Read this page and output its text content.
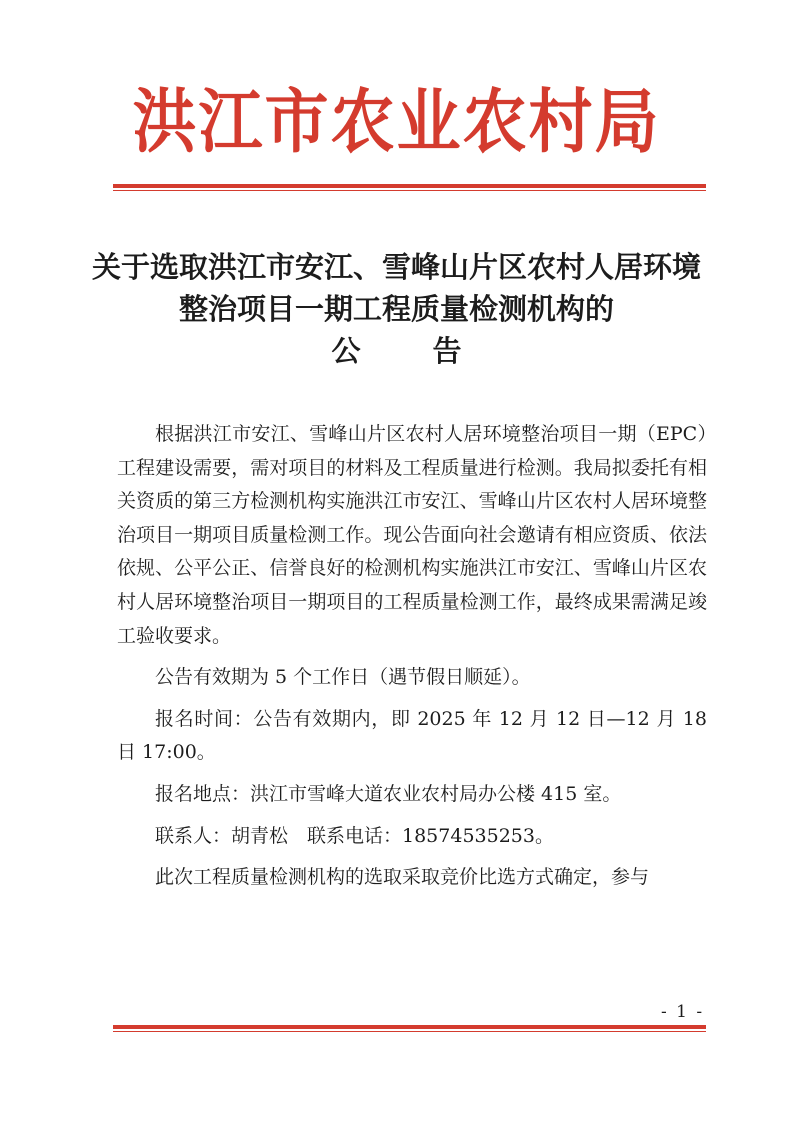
洪江市农业农村局
关于选取洪江市安江、雪峰山片区农村人居环境
整治项目一期工程质量检测机构的
公告

根据洪江市安江、雪峰山片区农村人居环境整治项目一期（EPC）工程建设需要，需对项目的材料及工程质量进行检测。我局拟委托有相关资质的第三方检测机构实施洪江市安江、雪峰山片区农村人居环境整治项目一期项目质量检测工作。现公告面向社会邀请有相应资质、依法依规、公平公正、信誉良好的检测机构实施洪江市安江、雪峰山片区农村人居环境整治项目一期项目的工程质量检测工作，最终成果需满足竣工验收要求。

公告有效期为 5 个工作日（遇节假日顺延）。

报名时间：公告有效期内，即 2025 年 12 月 12 日—12 月 18 日 17:00。

报名地点：洪江市雪峰大道农业农村局办公楼 415 室。

联系人：胡青松　联系电话：18574535253。

此次工程质量检测机构的选取采取竞价比选方式确定，参与

- 1 -
